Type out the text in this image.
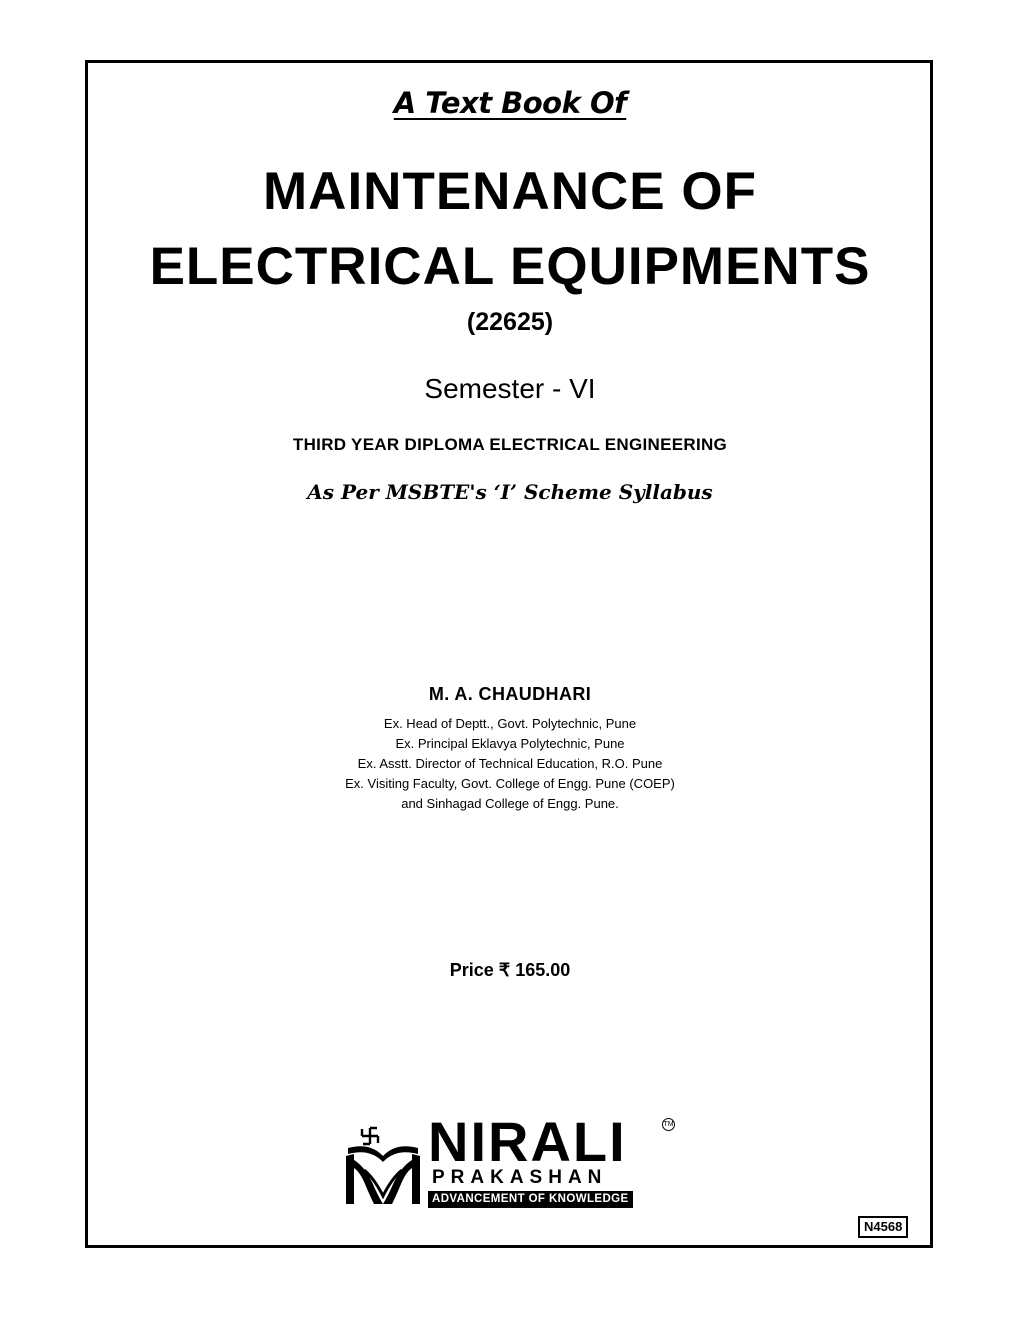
A Text Book Of

MAINTENANCE OF

ELECTRICAL EQUIPMENTS

(22625)

Semester - VI

THIRD YEAR DIPLOMA ELECTRICAL ENGINEERING

As Per MSBTE's ‘I’ Scheme Syllabus

M. A. CHAUDHARI

Ex. Head of Deptt., Govt. Polytechnic, Pune
Ex. Principal Eklavya Polytechnic, Pune
Ex. Asstt. Director of Technical Education, R.O. Pune
Ex. Visiting Faculty, Govt. College of Engg. Pune (COEP)
and Sinhagad College of Engg. Pune.

Price ₹ 165.00

NIRALI	TM
PRAKASHAN
ADVANCEMENT OF KNOWLEDGE
N4568
